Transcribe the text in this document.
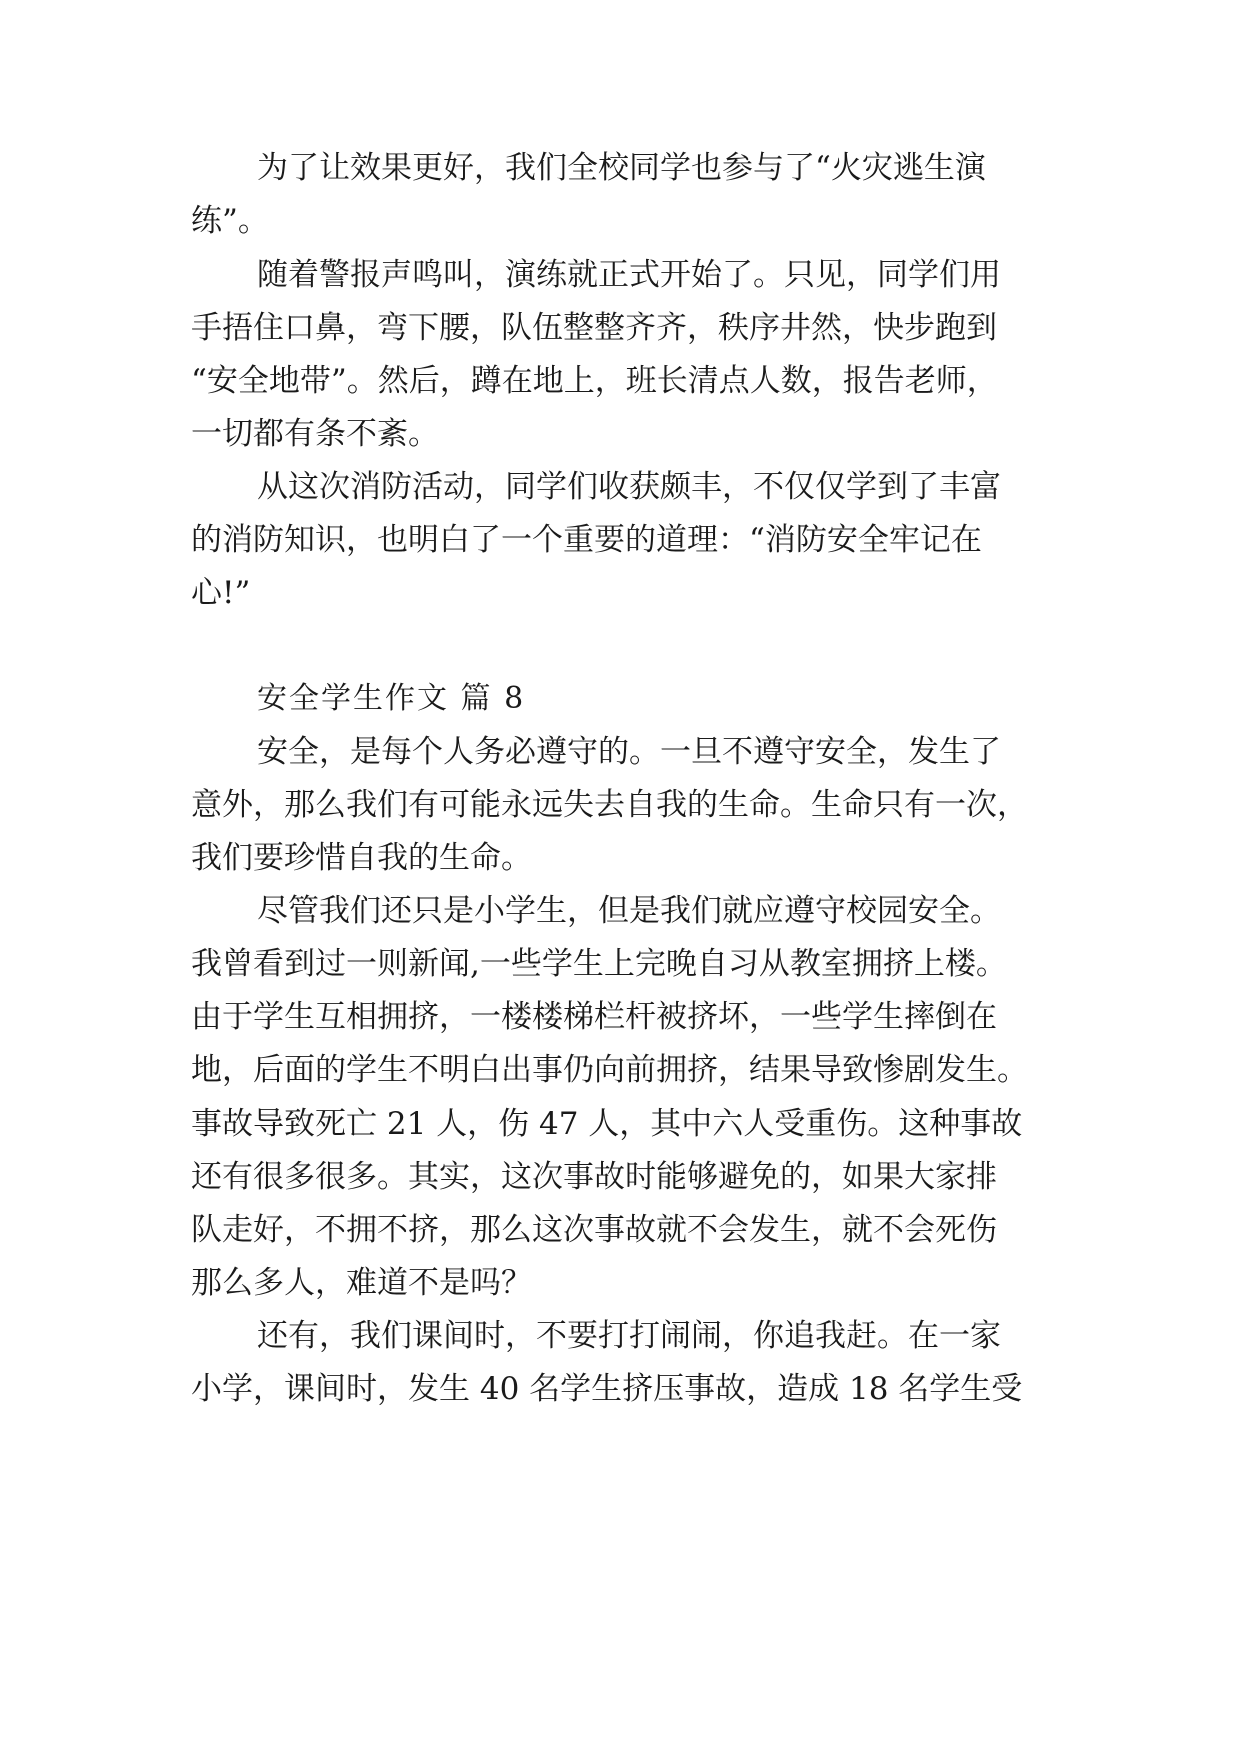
为了让效果更好，我们全校同学也参与了“火灾逃生演
练”。
随着警报声鸣叫，演练就正式开始了。只见，同学们用
手捂住口鼻，弯下腰，队伍整整齐齐，秩序井然，快步跑到
“安全地带”。然后，蹲在地上，班长清点人数，报告老师，
一切都有条不紊。
从这次消防活动，同学们收获颇丰，不仅仅学到了丰富
的消防知识，也明白了一个重要的道理：“消防安全牢记在
心!”
安全学生作文 篇 8
安全，是每个人务必遵守的。一旦不遵守安全，发生了
意外，那么我们有可能永远失去自我的生命。生命只有一次，
我们要珍惜自我的生命。
尽管我们还只是小学生，但是我们就应遵守校园安全。
我曾看到过一则新闻,一些学生上完晚自习从教室拥挤上楼。
由于学生互相拥挤，一楼楼梯栏杆被挤坏，一些学生摔倒在
地，后面的学生不明白出事仍向前拥挤，结果导致惨剧发生。
事故导致死亡 21 人，伤 47 人，其中六人受重伤。这种事故
还有很多很多。其实，这次事故时能够避免的，如果大家排
队走好，不拥不挤，那么这次事故就不会发生，就不会死伤
那么多人，难道不是吗？
还有，我们课间时，不要打打闹闹，你追我赶。在一家
小学，课间时，发生 40 名学生挤压事故，造成 18 名学生受
